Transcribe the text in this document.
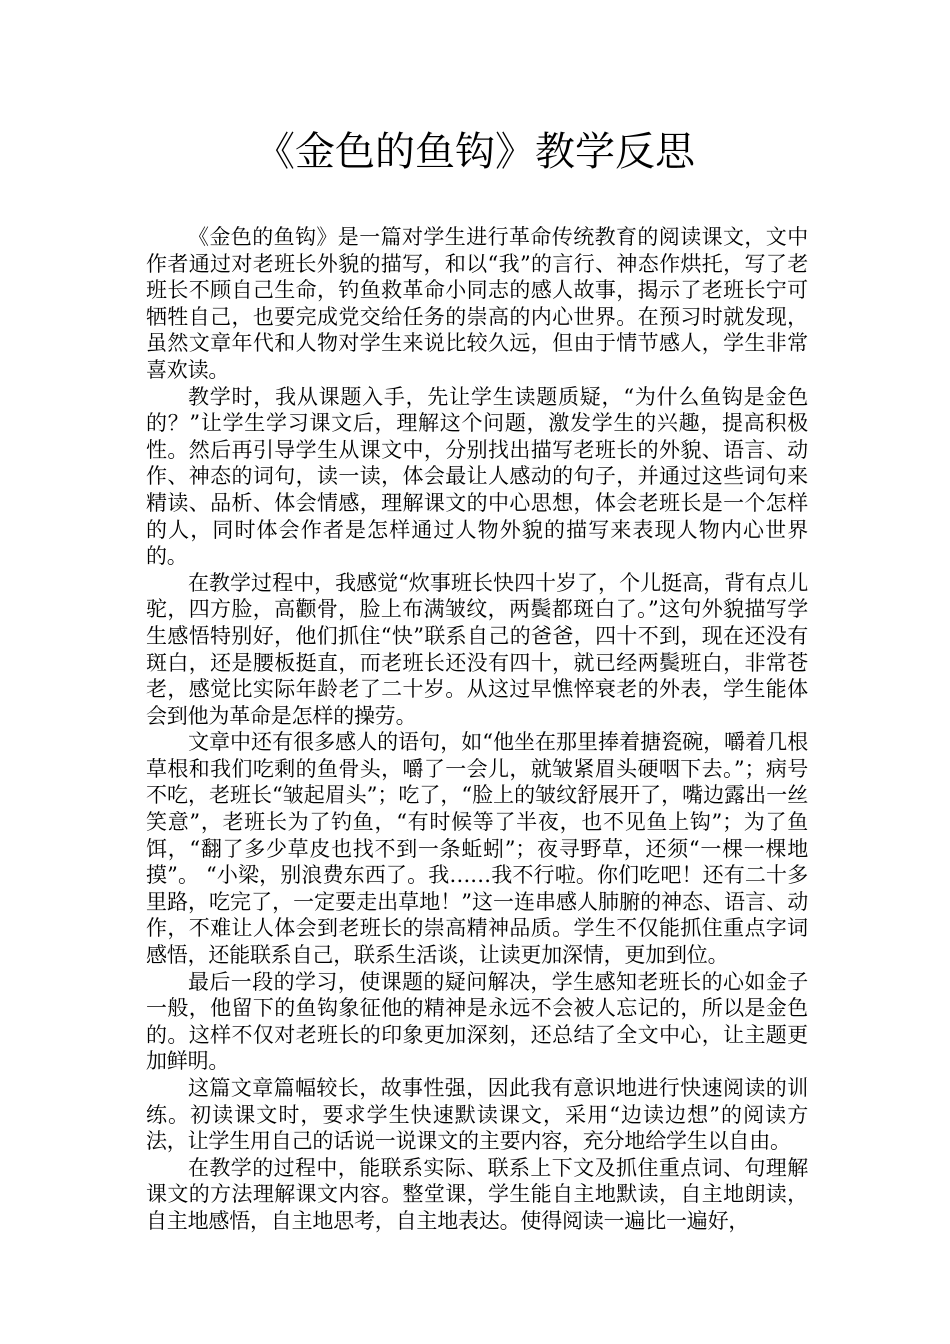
《金色的鱼钩》教学反思

《金色的鱼钩》是一篇对学生进行革命传统教育的阅读课文，文中作者通过对老班长外貌的描写，和以“我”的言行、神态作烘托，写了老班长不顾自己生命，钓鱼救革命小同志的感人故事，揭示了老班长宁可牺牲自己，也要完成党交给任务的崇高的内心世界。在预习时就发现，虽然文章年代和人物对学生来说比较久远，但由于情节感人，学生非常喜欢读。

教学时，我从课题入手，先让学生读题质疑，“为什么鱼钩是金色的？”让学生学习课文后，理解这个问题，激发学生的兴趣，提高积极性。然后再引导学生从课文中，分别找出描写老班长的外貌、语言、动作、神态的词句，读一读，体会最让人感动的句子，并通过这些词句来精读、品析、体会情感，理解课文的中心思想，体会老班长是一个怎样的人，同时体会作者是怎样通过人物外貌的描写来表现人物内心世界的。

在教学过程中，我感觉“炊事班长快四十岁了，个儿挺高，背有点儿驼，四方脸，高颧骨，脸上布满皱纹，两鬓都斑白了。”这句外貌描写学生感悟特别好，他们抓住“快”联系自己的爸爸，四十不到，现在还没有斑白，还是腰板挺直，而老班长还没有四十，就已经两鬓班白，非常苍老，感觉比实际年龄老了二十岁。从这过早憔悴衰老的外表，学生能体会到他为革命是怎样的操劳。

文章中还有很多感人的语句，如“他坐在那里捧着搪瓷碗，嚼着几根草根和我们吃剩的鱼骨头，嚼了一会儿，就皱紧眉头硬咽下去。”；病号不吃，老班长“皱起眉头”；吃了，“脸上的皱纹舒展开了，嘴边露出一丝笑意”，老班长为了钓鱼，“有时候等了半夜，也不见鱼上钩”；为了鱼饵，“翻了多少草皮也找不到一条蚯蚓”；夜寻野草，还须“一棵一棵地摸”。 “小梁，别浪费东西了。我……我不行啦。你们吃吧！还有二十多里路，吃完了，一定要走出草地！”这一连串感人肺腑的神态、语言、动作，不难让人体会到老班长的崇高精神品质。学生不仅能抓住重点字词感悟，还能联系自己，联系生活谈，让读更加深情，更加到位。

最后一段的学习，使课题的疑问解决，学生感知老班长的心如金子一般，他留下的鱼钩象征他的精神是永远不会被人忘记的，所以是金色的。这样不仅对老班长的印象更加深刻，还总结了全文中心，让主题更加鲜明。

这篇文章篇幅较长，故事性强，因此我有意识地进行快速阅读的训练。初读课文时，要求学生快速默读课文，采用“边读边想”的阅读方法，让学生用自己的话说一说课文的主要内容，充分地给学生以自由。

在教学的过程中，能联系实际、联系上下文及抓住重点词、句理解课文的方法理解课文内容。整堂课，学生能自主地默读，自主地朗读，自主地感悟，自主地思考，自主地表达。使得阅读一遍比一遍好，
